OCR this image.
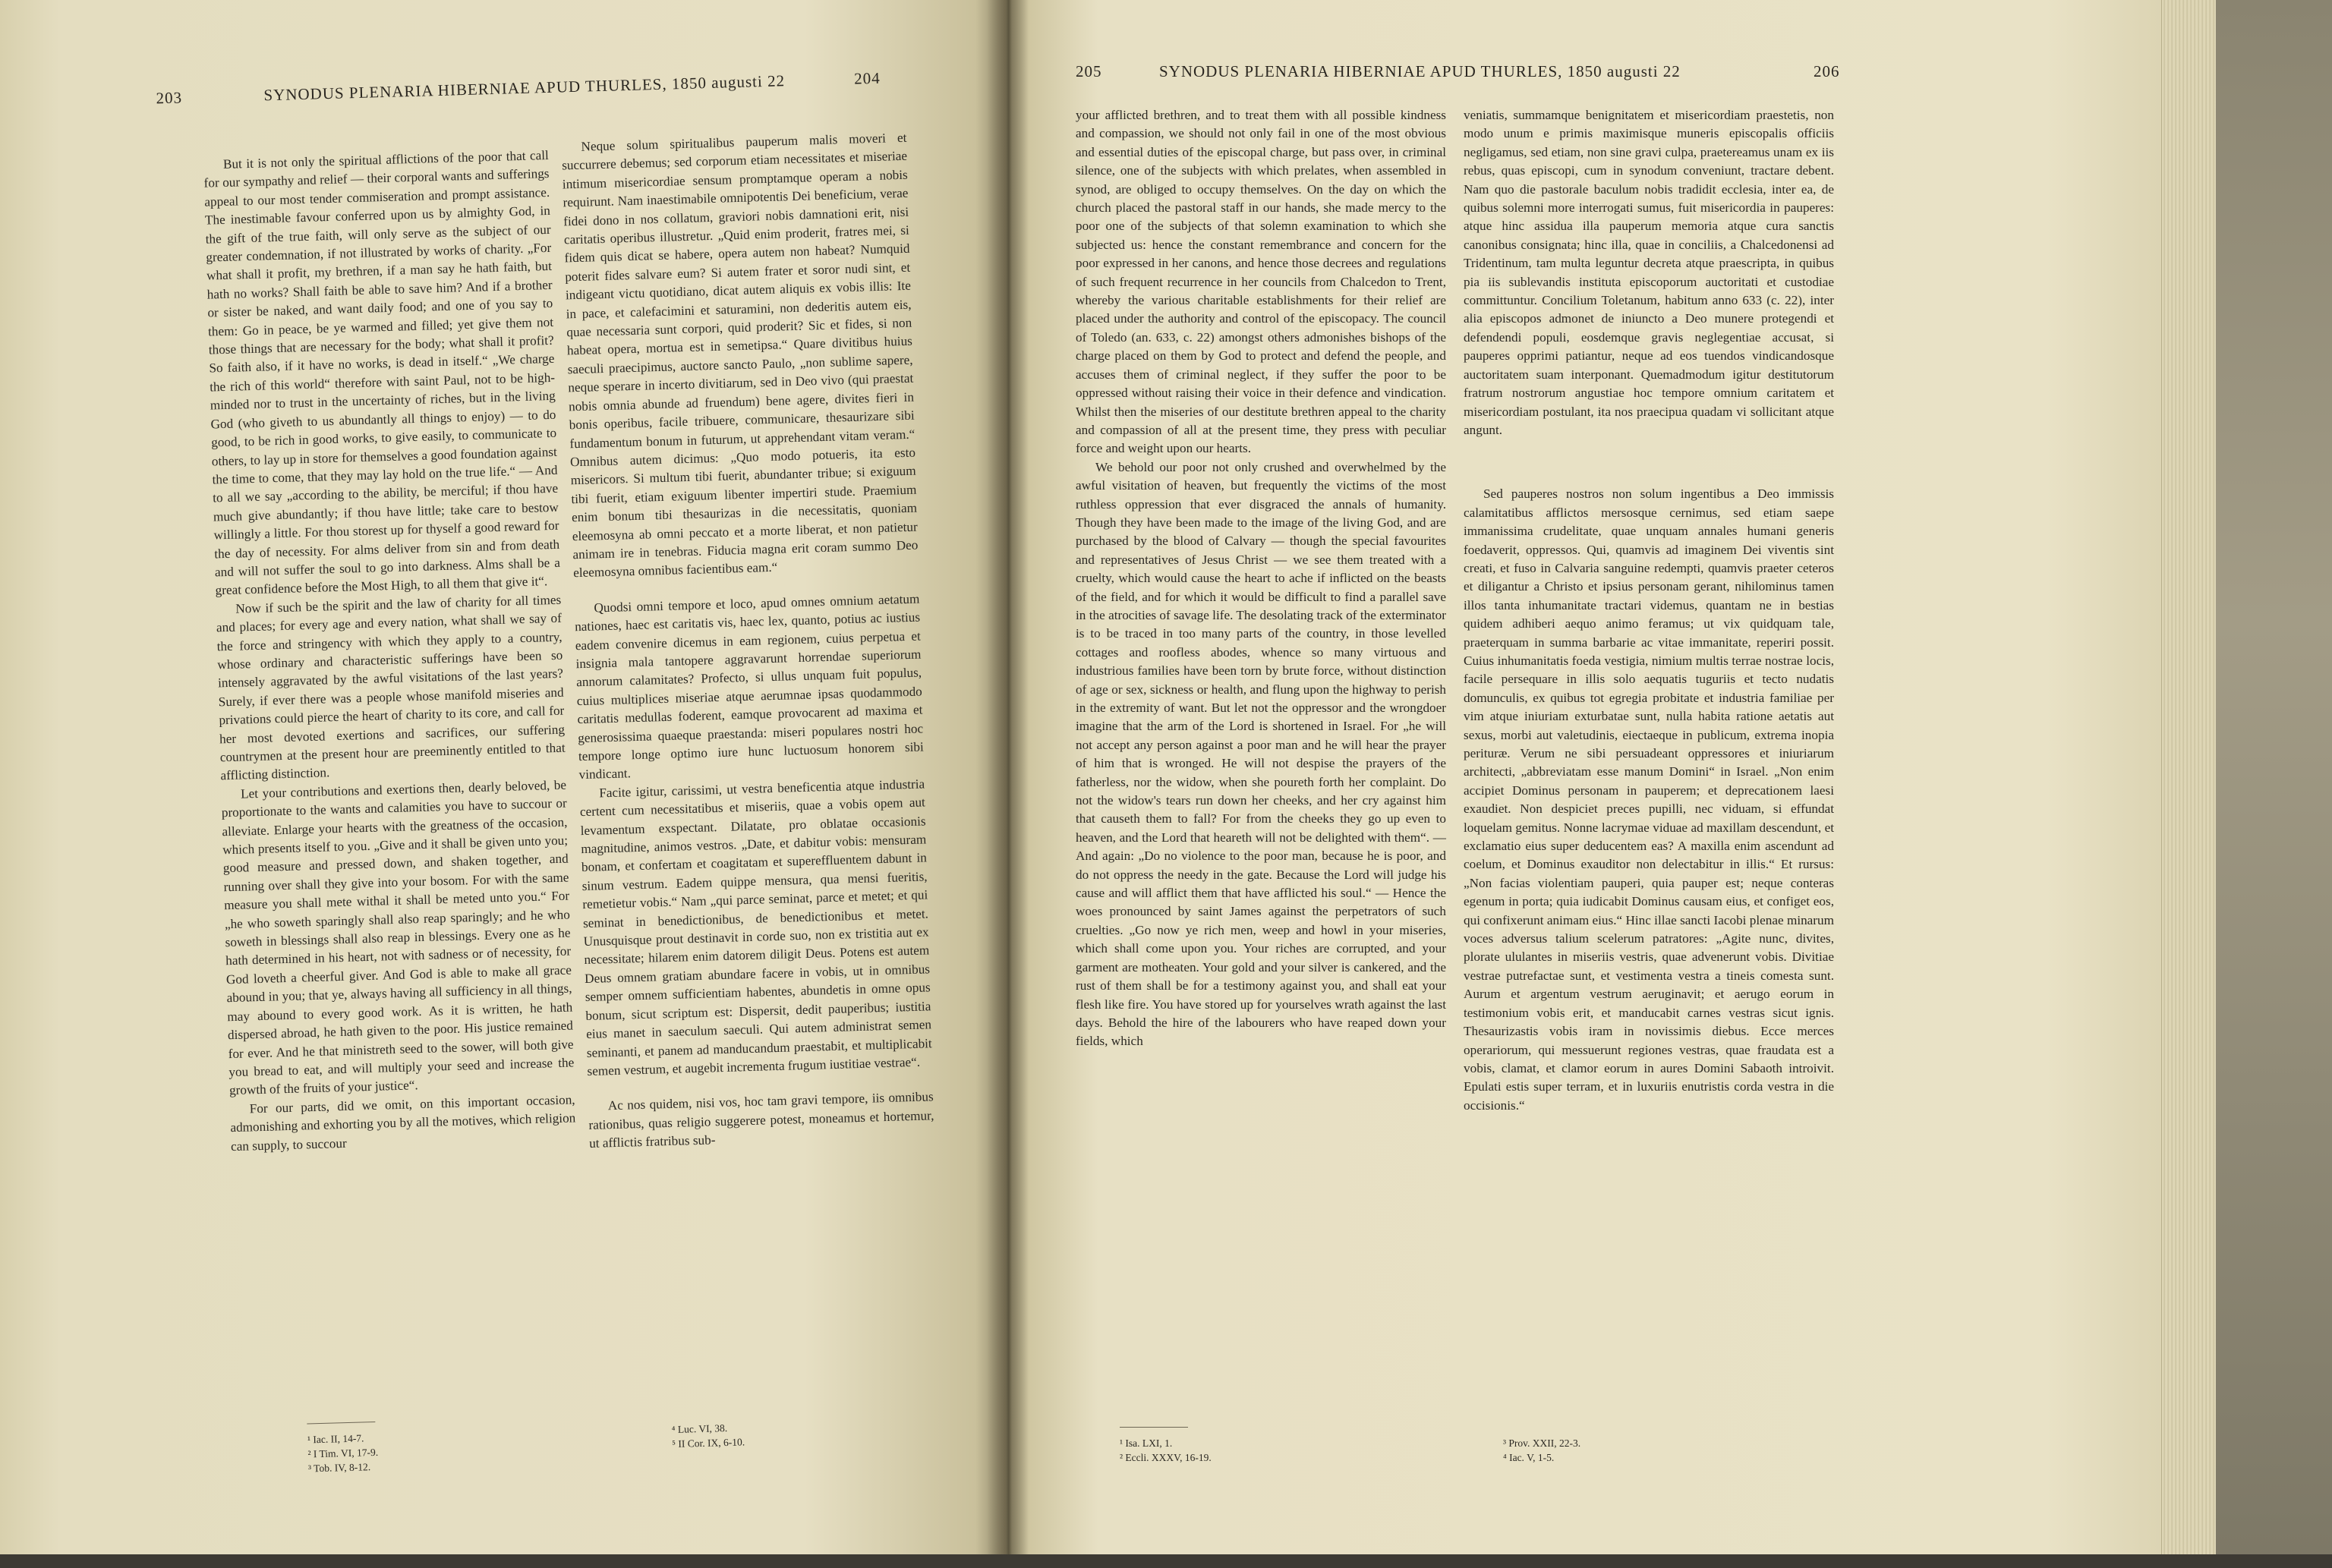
203	SYNODUS PLENARIA HIBERNIAE APUD THURLES, 1850 augusti 22	204

But it is not only the spiritual afflictions of the poor that call for our sympathy and relief — their corporal wants and sufferings appeal to our most tender commiseration and prompt assistance. The inestimable favour conferred upon us by almighty God, in the gift of the true faith, will only serve as the subject of our greater condemnation, if not illustrated by works of charity. „For what shall it profit, my brethren, if a man say he hath faith, but hath no works? Shall faith be able to save him? And if a brother or sister be naked, and want daily food; and one of you say to them: Go in peace, be ye warmed and filled; yet give them not those things that are necessary for the body; what shall it profit? So faith also, if it have no works, is dead in itself.“ „We charge the rich of this world“ therefore with saint Paul, not to be high-minded nor to trust in the uncertainty of riches, but in the living God (who giveth to us abundantly all things to enjoy) — to do good, to be rich in good works, to give easily, to communicate to others, to lay up in store for themselves a good foundation against the time to come, that they may lay hold on the true life.“ — And to all we say „according to the ability, be merciful; if thou have much give abundantly; if thou have little; take care to bestow willingly a little. For thou storest up for thyself a good reward for the day of necessity. For alms deliver from sin and from death and will not suffer the soul to go into darkness. Alms shall be a great confidence before the Most High, to all them that give it“.

Now if such be the spirit and the law of charity for all times and places; for every age and every nation, what shall we say of the force and stringency with which they apply to a country, whose ordinary and characteristic sufferings have been so intensely aggravated by the awful visitations of the last years? Surely, if ever there was a people whose manifold miseries and privations could pierce the heart of charity to its core, and call for her most devoted exertions and sacrifices, our suffering countrymen at the present hour are preeminently entitled to that afflicting distinction.

Let your contributions and exertions then, dearly beloved, be proportionate to the wants and calamities you have to succour or alleviate. Enlarge your hearts with the greatness of the occasion, which presents itself to you. „Give and it shall be given unto you; good measure and pressed down, and shaken together, and running over shall they give into your bosom. For with the same measure you shall mete withal it shall be meted unto you.“ For „he who soweth sparingly shall also reap sparingly; and he who soweth in blessings shall also reap in blessings. Every one as he hath determined in his heart, not with sadness or of necessity, for God loveth a cheerful giver. And God is able to make all grace abound in you; that ye, always having all sufficiency in all things, may abound to every good work. As it is written, he hath dispersed abroad, he hath given to the poor. His justice remained for ever. And he that ministreth seed to the sower, will both give you bread to eat, and will multiply your seed and increase the growth of the fruits of your justice“.

For our parts, did we omit, on this important occasion, admonishing and exhorting you by all the motives, which religion can supply, to succour

Neque solum spiritualibus pauperum malis moveri et succurrere debemus; sed corporum etiam necessitates et miseriae intimum misericordiae sensum promptamque operam a nobis requirunt. Nam inaestimabile omnipotentis Dei beneficium, verae fidei dono in nos collatum, graviori nobis damnationi erit, nisi caritatis operibus illustretur. „Quid enim proderit, fratres mei, si fidem quis dicat se habere, opera autem non habeat? Numquid poterit fides salvare eum? Si autem frater et soror nudi sint, et indigeant victu quotidiano, dicat autem aliquis ex vobis illis: Ite in pace, et calefacimini et saturamini, non dederitis autem eis, quae necessaria sunt corpori, quid proderit? Sic et fides, si non habeat opera, mortua est in semetipsa.“ Quare divitibus huius saeculi praecipimus, auctore sancto Paulo, „non sublime sapere, neque sperare in incerto divitiarum, sed in Deo vivo (qui praestat nobis omnia abunde ad fruendum) bene agere, divites fieri in bonis operibus, facile tribuere, communicare, thesaurizare sibi fundamentum bonum in futurum, ut apprehendant vitam veram.“ Omnibus autem dicimus: „Quo modo potueris, ita esto misericors. Si multum tibi fuerit, abundanter tribue; si exiguum tibi fuerit, etiam exiguum libenter impertiri stude. Praemium enim bonum tibi thesaurizas in die necessitatis, quoniam eleemosyna ab omni peccato et a morte liberat, et non patietur animam ire in tenebras. Fiducia magna erit coram summo Deo eleemosyna omnibus facientibus eam.“

Quodsi omni tempore et loco, apud omnes omnium aetatum nationes, haec est caritatis vis, haec lex, quanto, potius ac iustius eadem convenire dicemus in eam regionem, cuius perpetua et insignia mala tantopere aggravarunt horrendae superiorum annorum calamitates? Profecto, si ullus unquam fuit populus, cuius multiplices miseriae atque aerumnae ipsas quodammodo caritatis medullas foderent, eamque provocarent ad maxima et generosissima quaeque praestanda: miseri populares nostri hoc tempore longe optimo iure hunc luctuosum honorem sibi vindicant.

Facite igitur, carissimi, ut vestra beneficentia atque industria certent cum necessitatibus et miseriis, quae a vobis opem aut levamentum exspectant. Dilatate, pro oblatae occasionis magnitudine, animos vestros. „Date, et dabitur vobis: mensuram bonam, et confertam et coagitatam et supereffluentem dabunt in sinum vestrum. Eadem quippe mensura, qua mensi fueritis, remetietur vobis.“ Nam „qui parce seminat, parce et metet; et qui seminat in benedictionibus, de benedictionibus et metet. Unusquisque prout destinavit in corde suo, non ex tristitia aut ex necessitate; hilarem enim datorem diligit Deus. Potens est autem Deus omnem gratiam abundare facere in vobis, ut in omnibus semper omnem sufficientiam habentes, abundetis in omne opus bonum, sicut scriptum est: Dispersit, dedit pauperibus; iustitia eius manet in saeculum saeculi. Qui autem administrat semen seminanti, et panem ad manducandum praestabit, et multiplicabit semen vestrum, et augebit incrementa frugum iustitiae vestrae“.

Ac nos quidem, nisi vos, hoc tam gravi tempore, iis omnibus rationibus, quas religio suggerere potest, moneamus et hortemur, ut afflictis fratribus sub-

¹ Iac. II, 14-7.
² I Tim. VI, 17-9.
³ Tob. IV, 8-12.
⁴ Luc. VI, 38.
⁵ II Cor. IX, 6-10.
205	SYNODUS PLENARIA HIBERNIAE APUD THURLES, 1850 augusti 22	206

your afflicted brethren, and to treat them with all possible kindness and compassion, we should not only fail in one of the most obvious and essential duties of the episcopal charge, but pass over, in criminal silence, one of the subjects with which prelates, when assembled in synod, are obliged to occupy themselves. On the day on which the church placed the pastoral staff in our hands, she made mercy to the poor one of the subjects of that solemn examination to which she subjected us: hence the constant remembrance and concern for the poor expressed in her canons, and hence those decrees and regulations of such frequent recurrence in her councils from Chalcedon to Trent, whereby the various charitable establishments for their relief are placed under the authority and control of the episcopacy. The council of Toledo (an. 633, c. 22) amongst others admonishes bishops of the charge placed on them by God to protect and defend the people, and accuses them of criminal neglect, if they suffer the poor to be oppressed without raising their voice in their defence and vindication. Whilst then the miseries of our destitute brethren appeal to the charity and compassion of all at the present time, they press with peculiar force and weight upon our hearts.

We behold our poor not only crushed and overwhelmed by the awful visitation of heaven, but frequently the victims of the most ruthless oppression that ever disgraced the annals of humanity. Though they have been made to the image of the living God, and are purchased by the blood of Calvary — though the special favourites and representatives of Jesus Christ — we see them treated with a cruelty, which would cause the heart to ache if inflicted on the beasts of the field, and for which it would be difficult to find a parallel save in the atrocities of savage life. The desolating track of the exterminator is to be traced in too many parts of the country, in those levelled cottages and roofless abodes, whence so many virtuous and industrious families have been torn by brute force, without distinction of age or sex, sickness or health, and flung upon the highway to perish in the extremity of want. But let not the oppressor and the wrongdoer imagine that the arm of the Lord is shortened in Israel. For „he will not accept any person against a poor man and he will hear the prayer of him that is wronged. He will not despise the prayers of the fatherless, nor the widow, when she poureth forth her complaint. Do not the widow's tears run down her cheeks, and her cry against him that causeth them to fall? For from the cheeks they go up even to heaven, and the Lord that heareth will not be delighted with them“. — And again: „Do no violence to the poor man, because he is poor, and do not oppress the needy in the gate. Because the Lord will judge his cause and will afflict them that have afflicted his soul.“ — Hence the woes pronounced by saint James against the perpetrators of such cruelties. „Go now ye rich men, weep and howl in your miseries, which shall come upon you. Your riches are corrupted, and your garment are motheaten. Your gold and your silver is cankered, and the rust of them shall be for a testimony against you, and shall eat your flesh like fire. You have stored up for yourselves wrath against the last days. Behold the hire of the labourers who have reaped down your fields, which

veniatis, summamque benignitatem et misericordiam praestetis, non modo unum e primis maximisque muneris episcopalis officiis negligamus, sed etiam, non sine gravi culpa, praetereamus unam ex iis rebus, quas episcopi, cum in synodum conveniunt, tractare debent. Nam quo die pastorale baculum nobis tradidit ecclesia, inter ea, de quibus solemni more interrogati sumus, fuit misericordia in pauperes: atque hinc assidua illa pauperum memoria atque cura sanctis canonibus consignata; hinc illa, quae in conciliis, a Chalcedonensi ad Tridentinum, tam multa leguntur decreta atque praescripta, in quibus pia iis sublevandis instituta episcoporum auctoritati et custodiae committuntur. Concilium Toletanum, habitum anno 633 (c. 22), inter alia episcopos admonet de iniuncto a Deo munere protegendi et defendendi populi, eosdemque gravis neglegentiae accusat, si pauperes opprimi patiantur, neque ad eos tuendos vindicandosque auctoritatem suam interponant. Quemadmodum igitur destitutorum fratrum nostrorum angustiae hoc tempore omnium caritatem et misericordiam postulant, ita nos praecipua quadam vi sollicitant atque angunt.

Sed pauperes nostros non solum ingentibus a Deo immissis calamitatibus afflictos mersosque cernimus, sed etiam saepe immanissima crudelitate, quae unquam annales humani generis foedaverit, oppressos. Qui, quamvis ad imaginem Dei viventis sint creati, et fuso in Calvaria sanguine redempti, quamvis praeter ceteros et diligantur a Christo et ipsius personam gerant, nihilominus tamen illos tanta inhumanitate tractari videmus, quantam ne in bestias quidem adhiberi aequo animo feramus; ut vix quidquam tale, praeterquam in summa barbarie ac vitae immanitate, reperiri possit. Cuius inhumanitatis foeda vestigia, nimium multis terrae nostrae locis, facile persequare in illis solo aequatis tuguriis et tecto nudatis domunculis, ex quibus tot egregia probitate et industria familiae per vim atque iniuriam exturbatae sunt, nulla habita ratione aetatis aut sexus, morbi aut valetudinis, eiectaeque in publicum, extrema inopia perituræ. Verum ne sibi persuadeant oppressores et iniuriarum architecti, „abbreviatam esse manum Domini“ in Israel. „Non enim accipiet Dominus personam in pauperem; et deprecationem laesi exaudiet. Non despiciet preces pupilli, nec viduam, si effundat loquelam gemitus. Nonne lacrymae viduae ad maxillam descendunt, et exclamatio eius super deducentem eas? A maxilla enim ascendunt ad coelum, et Dominus exauditor non delectabitur in illis.“ Et rursus: „Non facias violentiam pauperi, quia pauper est; neque conteras egenum in porta; quia iudicabit Dominus causam eius, et configet eos, qui confixerunt animam eius.“ Hinc illae sancti Iacobi plenae minarum voces adversus talium scelerum patratores: „Agite nunc, divites, plorate ululantes in miseriis vestris, quae advenerunt vobis. Divitiae vestrae putrefactae sunt, et vestimenta vestra a tineis comesta sunt. Aurum et argentum vestrum aeruginavit; et aerugo eorum in testimonium vobis erit, et manducabit carnes vestras sicut ignis. Thesaurizastis vobis iram in novissimis diebus. Ecce merces operariorum, qui messuerunt regiones vestras, quae fraudata est a vobis, clamat, et clamor eorum in aures Domini Sabaoth introivit. Epulati estis super terram, et in luxuriis enutristis corda vestra in die occisionis.“

¹ Isa. LXI, 1.
² Eccli. XXXV, 16-19.
³ Prov. XXII, 22-3.
⁴ Iac. V, 1-5.
